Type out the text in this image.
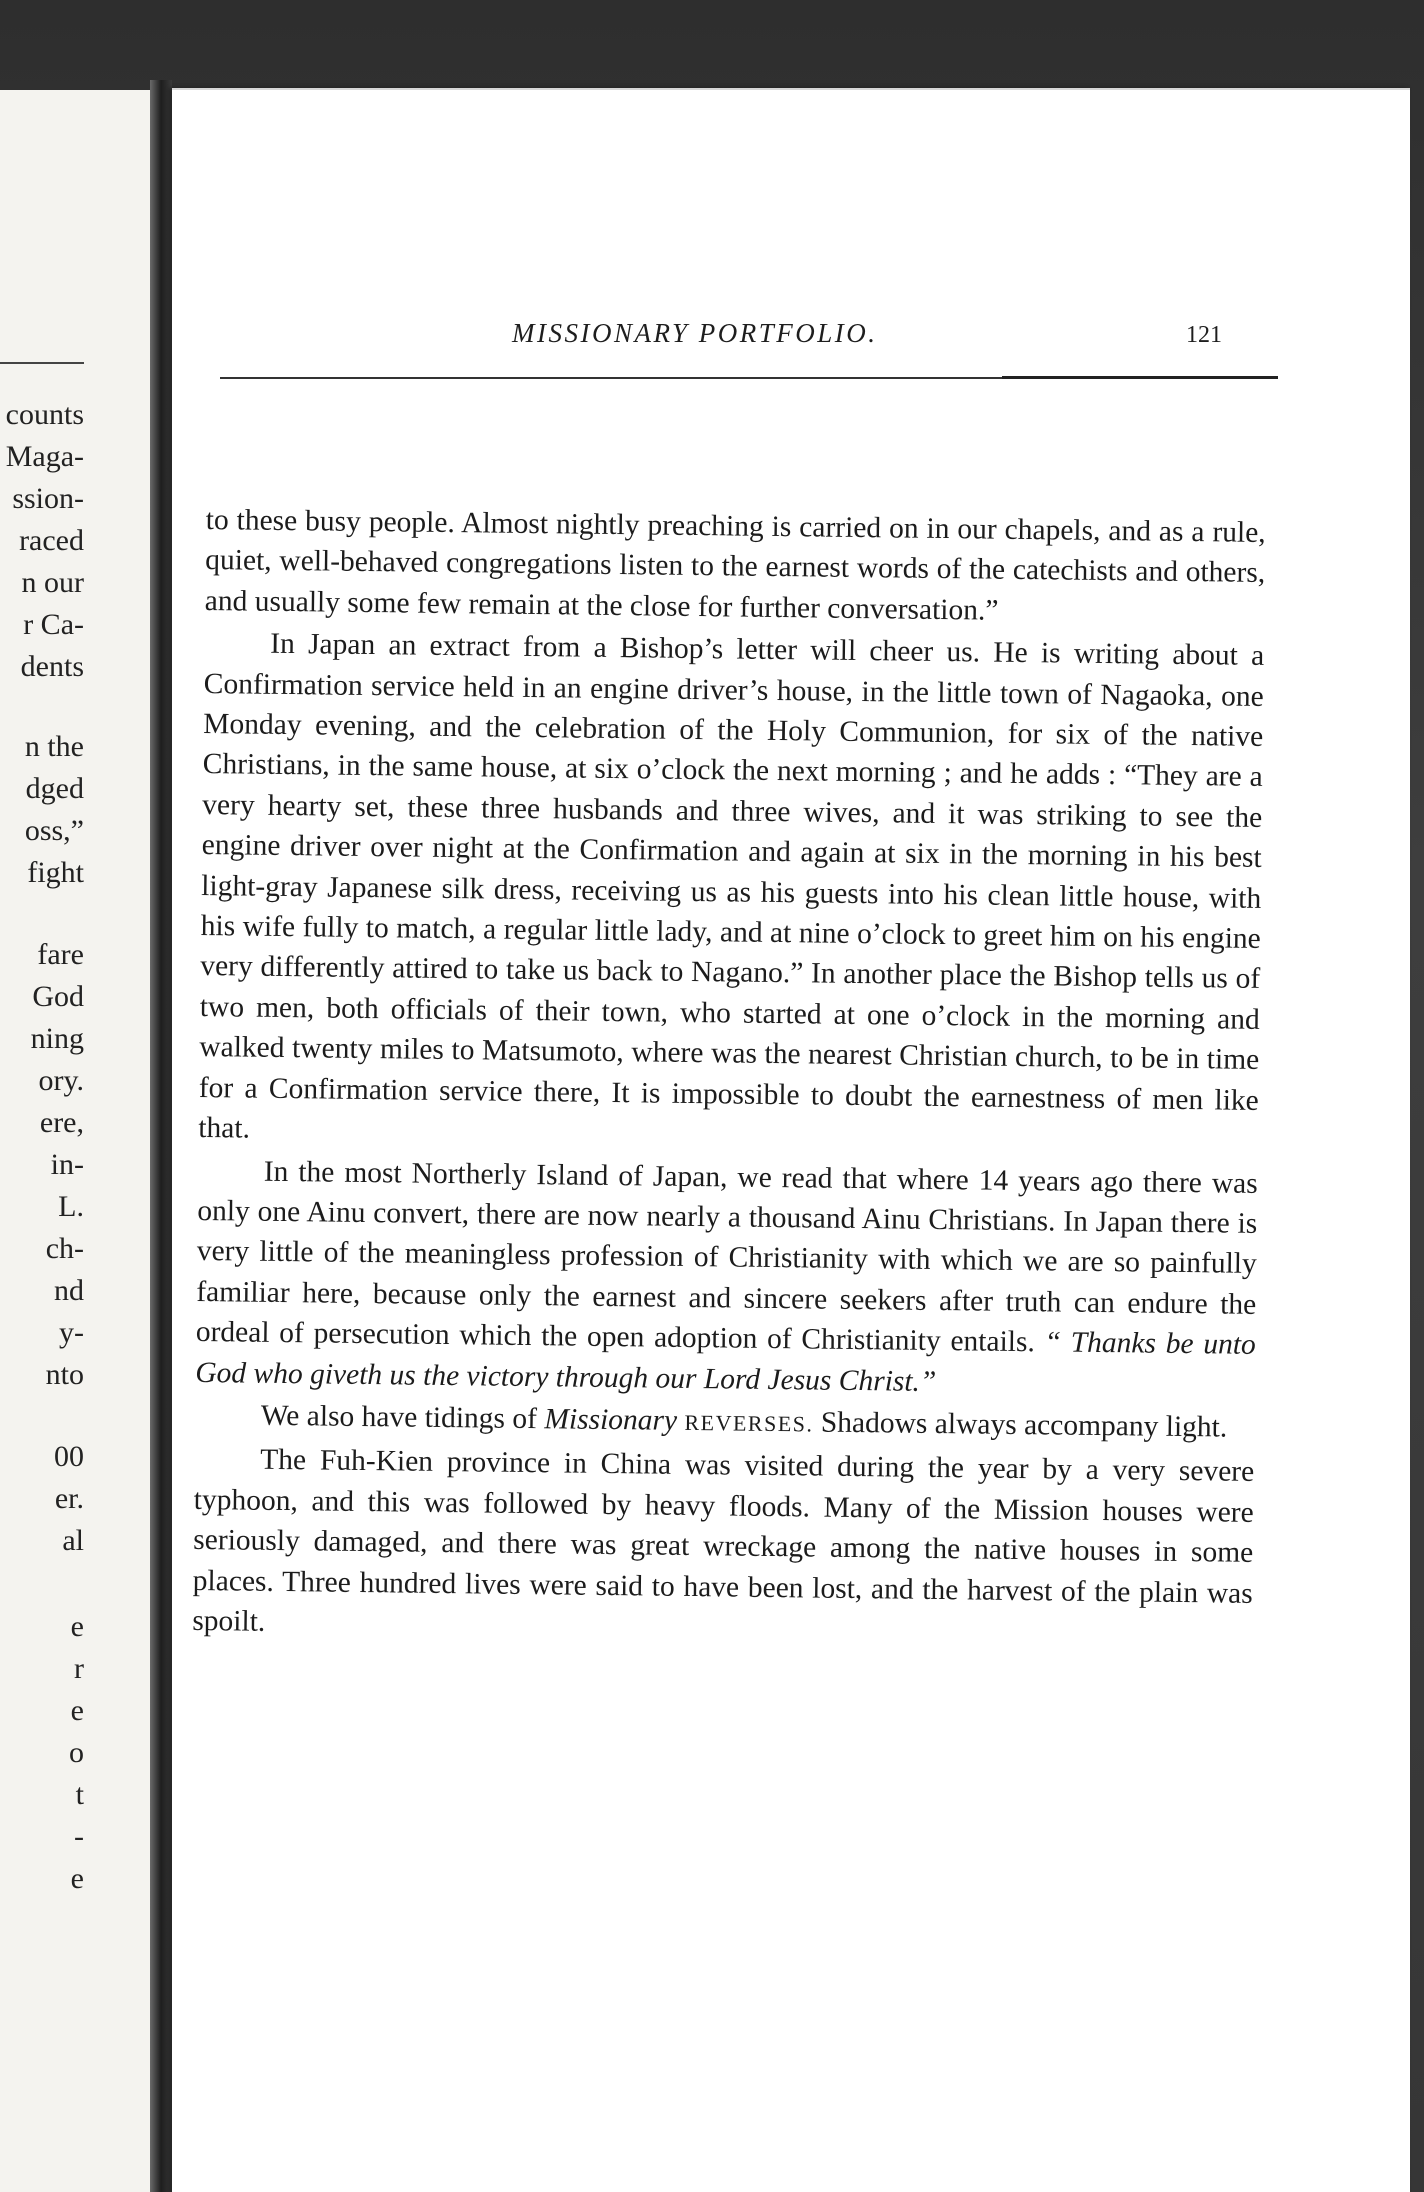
counts
Maga-
ssion-
raced
n our
r Ca-
dents
n the
dged
oss,”
fight
fare
God
ning
ory.
ere,
in-
L.
ch-
nd
y-
nto
00
er.
al
e
r
e
o
t
-
e
MISSIONARY PORTFOLIO.	121

to these busy people. Almost nightly preaching is carried on in our chapels, and as a rule, quiet, well-behaved congregations listen to the earnest words of the catechists and others, and usually some few remain at the close for further conversation.”

In Japan an extract from a Bishop’s letter will cheer us. He is writing about a Confirmation service held in an engine driver’s house, in the little town of Nagaoka, one Monday evening, and the celebration of the Holy Communion, for six of the native Christians, in the same house, at six o’clock the next morning ; and he adds : “They are a very hearty set, these three husbands and three wives, and it was striking to see the engine driver over night at the Confirmation and again at six in the morning in his best light-gray Japanese silk dress, receiving us as his guests into his clean little house, with his wife fully to match, a regular little lady, and at nine o’clock to greet him on his engine very differently attired to take us back to Nagano.” In another place the Bishop tells us of two men, both officials of their town, who started at one o’clock in the morning and walked twenty miles to Matsumoto, where was the nearest Christian church, to be in time for a Confirmation service there, It is impossible to doubt the earnestness of men like that.

In the most Northerly Island of Japan, we read that where 14 years ago there was only one Ainu convert, there are now nearly a thousand Ainu Christians. In Japan there is very little of the meaningless profession of Christianity with which we are so painfully familiar here, because only the earnest and sincere seekers after truth can endure the ordeal of persecution which the open adoption of Christianity entails. “ Thanks be unto God who giveth us the victory through our Lord Jesus Christ.”

We also have tidings of Missionary REVERSES. Shadows always accompany light.

The Fuh-Kien province in China was visited during the year by a very severe typhoon, and this was followed by heavy floods. Many of the Mission houses were seriously damaged, and there was great wreckage among the native houses in some places. Three hundred lives were said to have been lost, and the harvest of the plain was spoilt.
